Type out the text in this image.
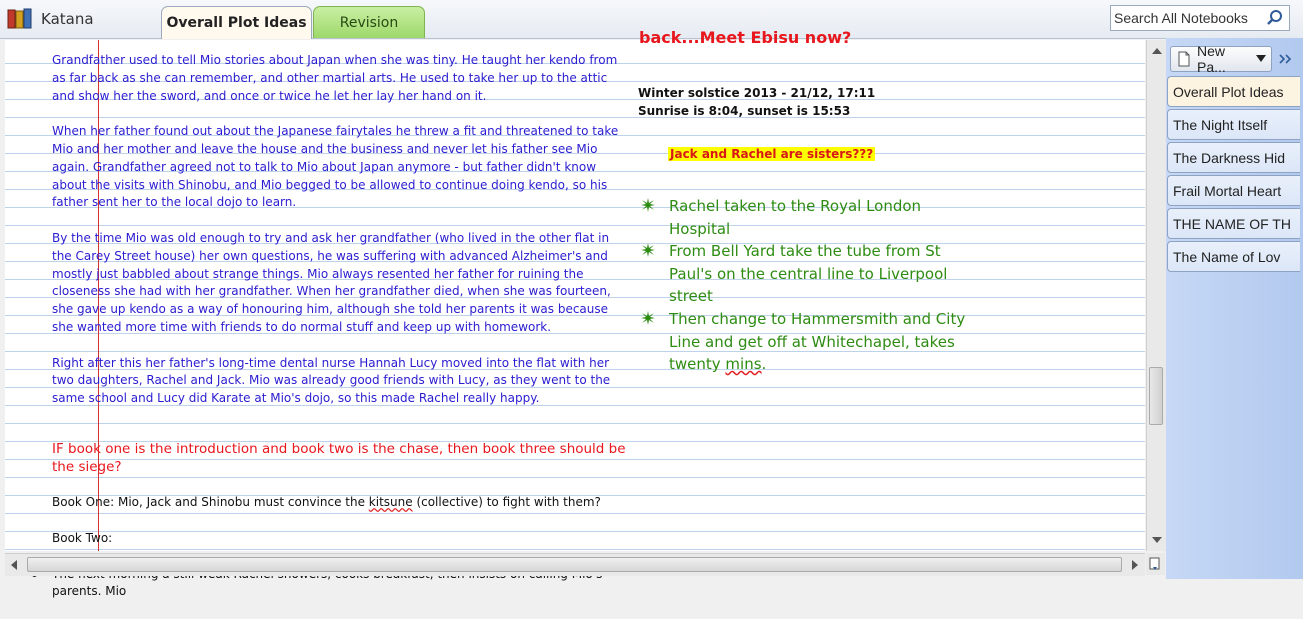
Katana	Overall Plot Ideas	Revision	Search All Notebooks

Grandfather used to tell Mio stories about Japan when she was tiny. He taught her kendo from as far back as she can remember, and other martial arts. He used to take her up to the attic and show her the sword, and once or twice he let her lay her hand on it.

When her father found out about the Japanese fairytales he threw a fit and threatened to take Mio and her mother and leave the house and the business and never let his father see Mio again. Grandfather agreed not to talk to Mio about Japan anymore - but father didn't know about the visits with Shinobu, and Mio begged to be allowed to continue doing kendo, so his father sent her to the local dojo to learn.

By the time Mio was old enough to try and ask her grandfather (who lived in the other flat in the Carey Street house) her own questions, he was suffering with advanced Alzheimer's and mostly just babbled about strange things. Mio always resented her father for ruining the closeness she had with her grandfather. When her grandfather died, when she was fourteen, she gave up kendo as a way of honouring him, although she told her parents it was because she wanted more time with friends to do normal stuff and keep up with homework.

Right after this her father's long-time dental nurse Hannah Lucy moved into the flat with her two daughters, Rachel and Jack. Mio was already good friends with Lucy, as they went to the same school and Lucy did Karate at Mio's dojo, so this made Rachel really happy.

IF book one is the introduction and book two is the chase, then book three should be the siege?

Book One: Mio, Jack and Shinobu must convince the kitsune (collective) to fight with them?

Book Two:

parents. Mio

back...Meet Ebisu now?
Winter solstice 2013 - 21/12, 17:11
Sunrise is 8:04, sunset is 15:53
Jack and Rachel are sisters???
Rachel taken to the Royal London Hospital
From Bell Yard take the tube from St Paul's on the central line to Liverpool street
Then change to Hammersmith and City Line and get off at Whitechapel, takes twenty mins.
New Pa...
Overall Plot Ideas
The Night Itself
The Darkness Hid
Frail Mortal Heart
THE NAME OF TH
The Name of Lov
